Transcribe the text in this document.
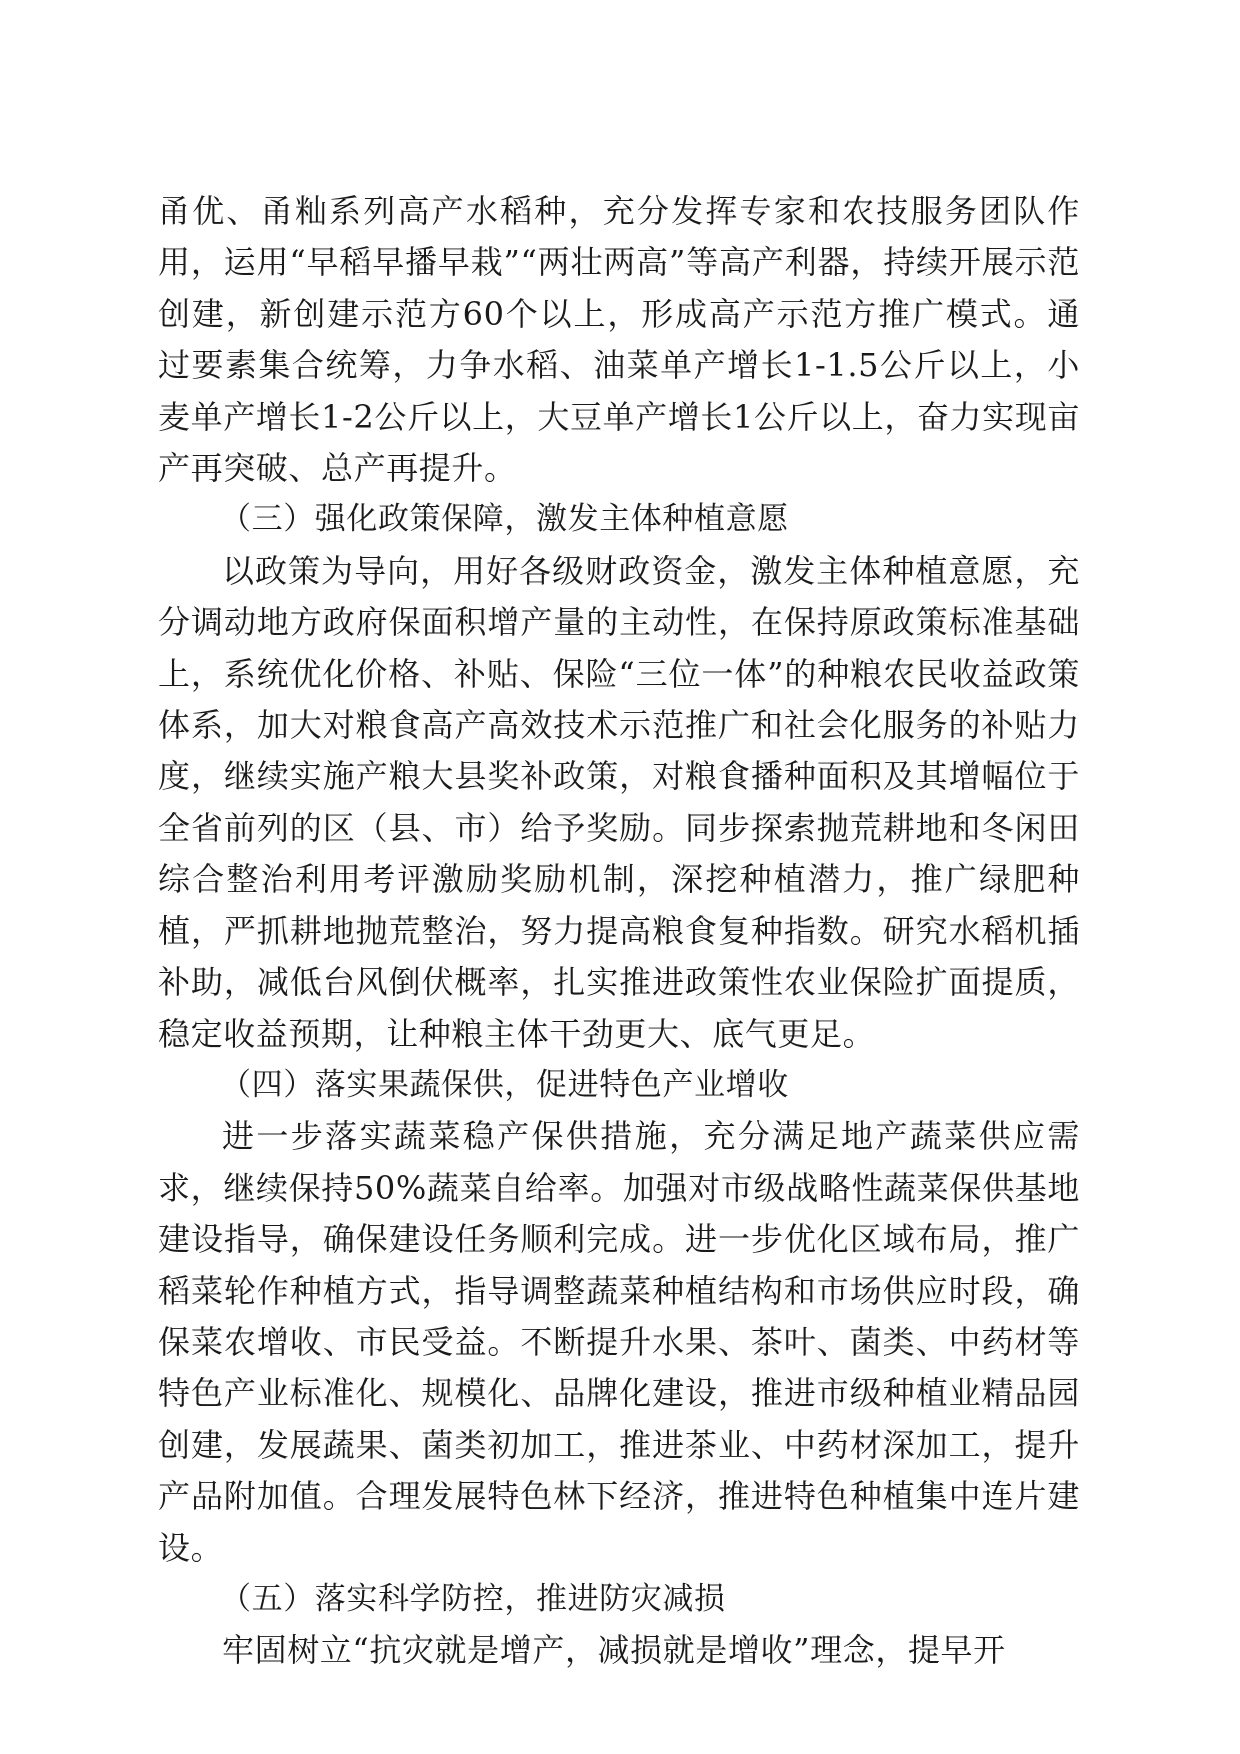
甬优、甬籼系列高产水稻种，充分发挥专家和农技服务团队作用，运用“早稻早播早栽”“两壮两高”等高产利器，持续开展示范创建，新创建示范方60个以上，形成高产示范方推广模式。通过要素集合统筹，力争水稻、油菜单产增长1-1.5公斤以上，小麦单产增长1-2公斤以上，大豆单产增长1公斤以上，奋力实现亩产再突破、总产再提升。

（三）强化政策保障，激发主体种植意愿

以政策为导向，用好各级财政资金，激发主体种植意愿，充分调动地方政府保面积增产量的主动性，在保持原政策标准基础上，系统优化价格、补贴、保险“三位一体”的种粮农民收益政策体系，加大对粮食高产高效技术示范推广和社会化服务的补贴力度，继续实施产粮大县奖补政策，对粮食播种面积及其增幅位于全省前列的区（县、市）给予奖励。同步探索抛荒耕地和冬闲田综合整治利用考评激励奖励机制，深挖种植潜力，推广绿肥种植，严抓耕地抛荒整治，努力提高粮食复种指数。研究水稻机插补助，减低台风倒伏概率，扎实推进政策性农业保险扩面提质，稳定收益预期，让种粮主体干劲更大、底气更足。

（四）落实果蔬保供，促进特色产业增收

进一步落实蔬菜稳产保供措施，充分满足地产蔬菜供应需求，继续保持50%蔬菜自给率。加强对市级战略性蔬菜保供基地建设指导，确保建设任务顺利完成。进一步优化区域布局，推广稻菜轮作种植方式，指导调整蔬菜种植结构和市场供应时段，确保菜农增收、市民受益。不断提升水果、茶叶、菌类、中药材等特色产业标准化、规模化、品牌化建设，推进市级种植业精品园创建，发展蔬果、菌类初加工，推进茶业、中药材深加工，提升产品附加值。合理发展特色林下经济，推进特色种植集中连片建设。

（五）落实科学防控，推进防灾减损

牢固树立“抗灾就是增产，减损就是增收”理念，提早开
